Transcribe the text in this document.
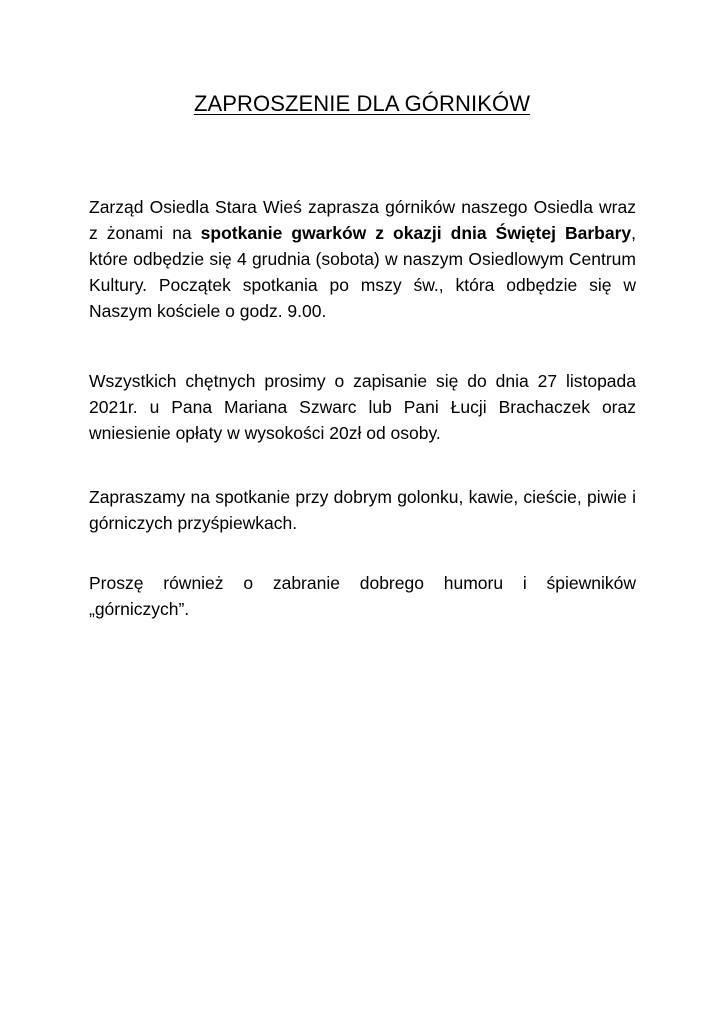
ZAPROSZENIE DLA GÓRNIKÓW

Zarząd Osiedla Stara Wieś zaprasza górników naszego Osiedla wraz z żonami na spotkanie gwarków z okazji dnia Świętej Barbary, które odbędzie się 4 grudnia (sobota) w naszym Osiedlowym Centrum Kultury. Początek spotkania po mszy św., która odbędzie się w Naszym kościele o godz. 9.00.

Wszystkich chętnych prosimy o zapisanie się do dnia 27 listopada 2021r. u Pana Mariana Szwarc lub Pani Łucji Brachaczek oraz wniesienie opłaty w wysokości 20zł od osoby.

Zapraszamy na spotkanie przy dobrym golonku, kawie, cieście, piwie i górniczych przyśpiewkach.

Proszę również o zabranie dobrego humoru i śpiewników „górniczych”.
